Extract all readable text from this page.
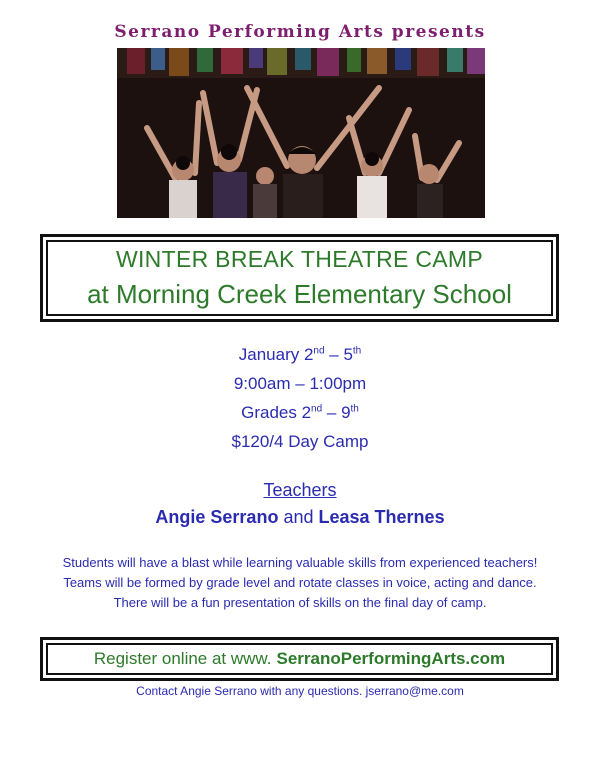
Serrano Performing Arts presents
WINTER BREAK THEATRE CAMP
at Morning Creek Elementary School
January 2nd – 5th
9:00am – 1:00pm
Grades 2nd – 9th
$120/4 Day Camp
Teachers
Angie Serrano and Leasa Thernes
Students will have a blast while learning valuable skills from experienced teachers!
Teams will be formed by grade level and rotate classes in voice, acting and dance.
There will be a fun presentation of skills on the final day of camp.
Register online at www. SerranoPerformingArts.com
Contact Angie Serrano with any questions. jserrano@me.com
